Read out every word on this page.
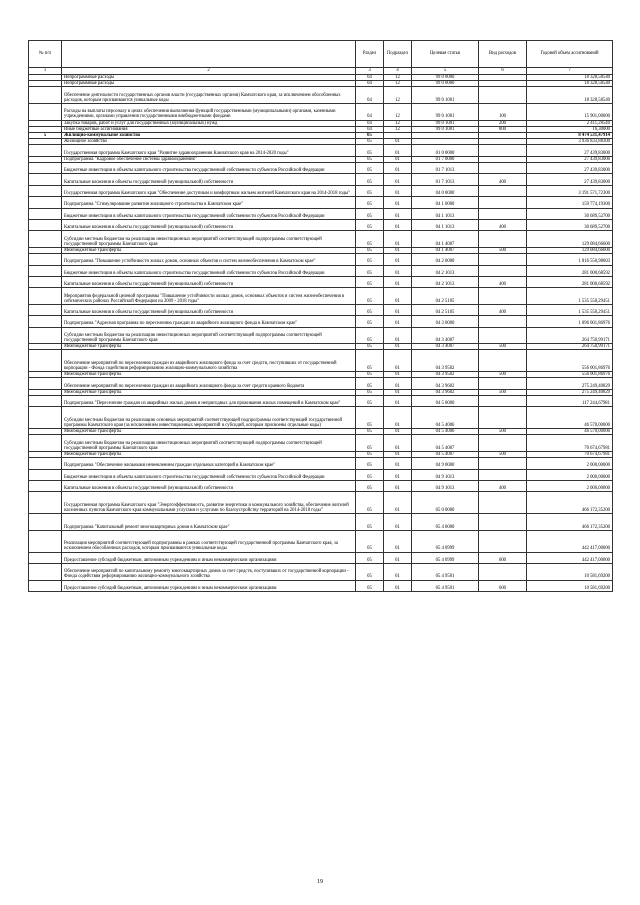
№ п/п		Раздел	Подраздел	Целевая статья	Вид расходов	Годовой объем ассигнований
1	2	3	4	5	6	7
	Непрограммные расходы	04	12	99 0 0000		18 328,58540
	Непрограммные расходы	04	12	99 0 0000		18 328,58540
	Обеспечение деятельности государственных органов власти (государственных органов) Камчатского края, за исключением обособленных расходов, которым присваиваются уникальные коды	04	12	99 0 1001		18 328,58540
	Расходы на выплаты персоналу в целях обеспечения выполнения функций государственными (муниципальными) органами, казенными учреждениями, органами управления государственными внебюджетными фондами	04	12	99 0 1001	100	15 901,00000
	Закупка товаров, работ и услуг для государственных (муниципальных) нужд	04	12	99 0 1001	200	2 411,28540
	Иные бюджетные ассигнования	04	12	99 0 1001	800	16,30000
5	Жилищно-коммунальное хозяйство	05				8 474 531,47914
	Жилищное хозяйство	05	01			3 936 833,88300
	Государственная программа Камчатского края "Развитие здравоохранения Камчатского края на 2014-2020 годы"	05	01	01 0 0000		27 439,83000
	Подпрограмма "Кадровое обеспечение системы здравоохранения"	05	01	01 7 0000		27 439,83000
	Бюджетные инвестиции в объекты капитального строительства государственной собственности субъектов Российской Федерации	05	01	01 7 1013		27 439,83000
	Капитальные вложения в объекты государственной (муниципальной) собственности	05	01	01 7 1013	400	27 439,83000
	Государственная программа Камчатского края "Обеспечение доступным и комфортным жильем жителей Камчатского края на 2014-2018 годы"	05	01	04 0 0000		3 191 571,72300
	Подпрограмма "Стимулирование развития жилищного строительства в Камчатском крае"	05	01	04 1 0000		159 774,19300
	Бюджетные инвестиции в объекты капитального строительства государственной собственности субъектов Российской Федерации	05	01	04 1 1013		30 689,52700
	Капитальные вложения в объекты государственной (муниципальной) собственности	05	01	04 1 1013	400	30 689,52700
	Субсидии местным бюджетам на реализацию инвестиционных мероприятий соответствующей подпрограммы соответствующей государственной программы Камчатского края	05	01	04 1 4007		129 084,66600
	Межбюджетные трансферты	05	01	04 1 4007	500	129 084,66600
	Подпрограмма "Повышение устойчивости жилых домов, основных объектов и систем жизнеобеспечения в Камчатском крае"	05	01	04 2 0000		1 816 550,98603
	Бюджетные инвестиции в объекты капитального строительства государственной собственности субъектов Российской Федерации	05	01	04 2 1013		281 000,68592
	Капитальные вложения в объекты государственной (муниципальной) собственности	05	01	04 2 1013	400	281 000,68592
	Мероприятия федеральной целевой программы "Повышение устойчивости жилых домов, основных объектов и систем жизнеобеспечения в сейсмических районах Российской Федерации на 2009 - 2018 годы"	05	01	04 2 5105		1 535 550,29451
	Капитальные вложения в объекты государственной (муниципальной) собственности	05	01	04 2 5105	400	1 535 550,29451
	Подпрограмма "Адресная программа по переселению граждан из аварийного жилищного фонда в Камчатском крае"	05	01	04 3 0000		1 096 001,86976
	Субсидии местным бюджетам на реализацию инвестиционных мероприятий соответствующей подпрограммы соответствующей государственной программы Камчатского края	05	01	04 3 4007		264 750,99171
	Межбюджетные трансферты	05	01	04 3 4007	500	264 750,99171
	Обеспечение мероприятий по переселению граждан из аварийного жилищного фонда за счет средств, поступивших от государственной корпорации - Фонда содействия реформированию жилищно-коммунального хозяйства	05	01	04 3 9502		556 001,86976
	Межбюджетные трансферты	05	01	04 3 9502	500	556 001,86976
	Обеспечение мероприятий по переселению граждан из аварийного жилищного фонда за счет средств краевого бюджета	05	01	04 3 9602		275 249,40829
	Межбюджетные трансферты	05	01	04 3 9602	500	275 249,40829
	Подпрограмма "Переселение граждан из аварийных жилых домов и непригодных для проживания жилых помещений в Камчатском крае"	05	01	04 5 0000		117 244,67981
	Субсидии местным бюджетам на реализацию основных мероприятий соответствующей подпрограммы соответствующей государственной программы Камчатского края (за исключением инвестиционных мероприятий и субсидий, которым присвоены отдельные коды)	05	01	04 5 4006		46 570,00000
	Межбюджетные трансферты	05	01	04 5 4006	500	46 570,00000
	Субсидии местным бюджетам на реализацию инвестиционных мероприятий соответствующей подпрограммы соответствующей государственной программы Камчатского края	05	01	04 5 4007		70 674,67981
	Межбюджетные трансферты	05	01	04 5 4007	500	70 674,67981
	Подпрограмма "Обеспечение жильными нечеевлением граждан отдельных категорий в Камчатском крае"	05	01	04 9 0000		2 000,00000
	Бюджетные инвестиции в объекты капитального строительства государственной собственности субъектов Российской Федерации	05	01	04 9 1013		2 000,00000
	Капитальные вложения в объекты государственной (муниципальной) собственности	05	01	04 9 1013	400	2 000,00000
	Государственная программа Камчатского края "Энергоэффективность, развитие энергетики и коммунального хозяйства, обеспечение жителей населенных пунктов Камчатского края коммунальными услугами и услугами по благоустройству территорий на 2014-2018 годы"	05	01	05 0 0000		466 172,35200
	Подпрограмма "Капитальный ремонт многоквартирных домов в Камчатском крае"	05	01	05 4 0000		466 172,35200
	Реализация мероприятий соответствующей подпрограммы в рамках соответствующей государственной программы Камчатского края, за исключением обособленных расходов, которым присваиваются уникальные коды	05	01	05 4 0999		442 417,00000
	Предоставление субсидий бюджетным, автономным учреждениям и иным некоммерческим организациям	05	01	05 4 0999	600	442 417,00000
	Обеспечение мероприятий по капитальному ремонту многоквартирных домов за счет средств, поступивших от государственной корпорации - Фонда содействия реформированию жилищно-коммунального хозяйства	05	01	05 4 9501		10 581,69200
	Предоставление субсидий бюджетным, автономным учреждениям и иным некоммерческим организациям	05	01	05 4 9501	600	10 581,69200
19
